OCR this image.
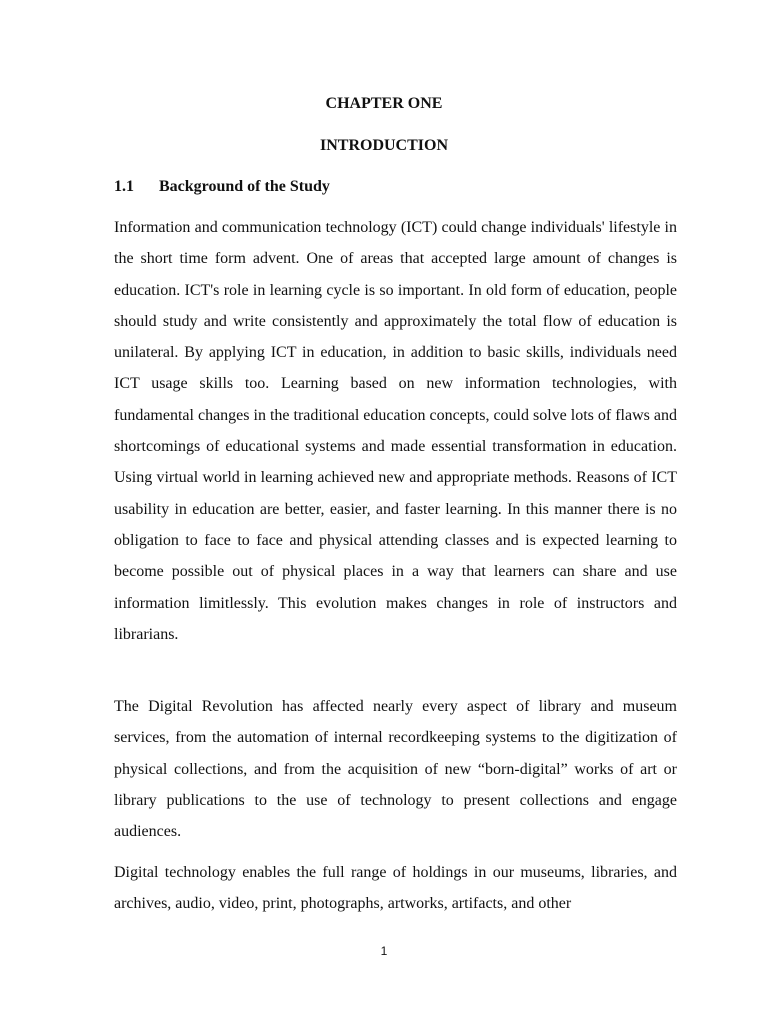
CHAPTER ONE
INTRODUCTION
1.1 Background of the Study

Information and communication technology (ICT) could change individuals' lifestyle in the short time form advent. One of areas that accepted large amount of changes is education. ICT's role in learning cycle is so important. In old form of education, people should study and write consistently and approximately the total flow of education is unilateral. By applying ICT in education, in addition to basic skills, individuals need ICT usage skills too. Learning based on new information technologies, with fundamental changes in the traditional education concepts, could solve lots of flaws and shortcomings of educational systems and made essential transformation in education. Using virtual world in learning achieved new and appropriate methods. Reasons of ICT usability in education are better, easier, and faster learning. In this manner there is no obligation to face to face and physical attending classes and is expected learning to become possible out of physical places in a way that learners can share and use information limitlessly. This evolution makes changes in role of instructors and librarians.

The Digital Revolution has affected nearly every aspect of library and museum services, from the automation of internal recordkeeping systems to the digitization of physical collections, and from the acquisition of new “born-digital” works of art or library publications to the use of technology to present collections and engage audiences.

Digital technology enables the full range of holdings in our museums, libraries, and archives, audio, video, print, photographs, artworks, artifacts, and other

1
